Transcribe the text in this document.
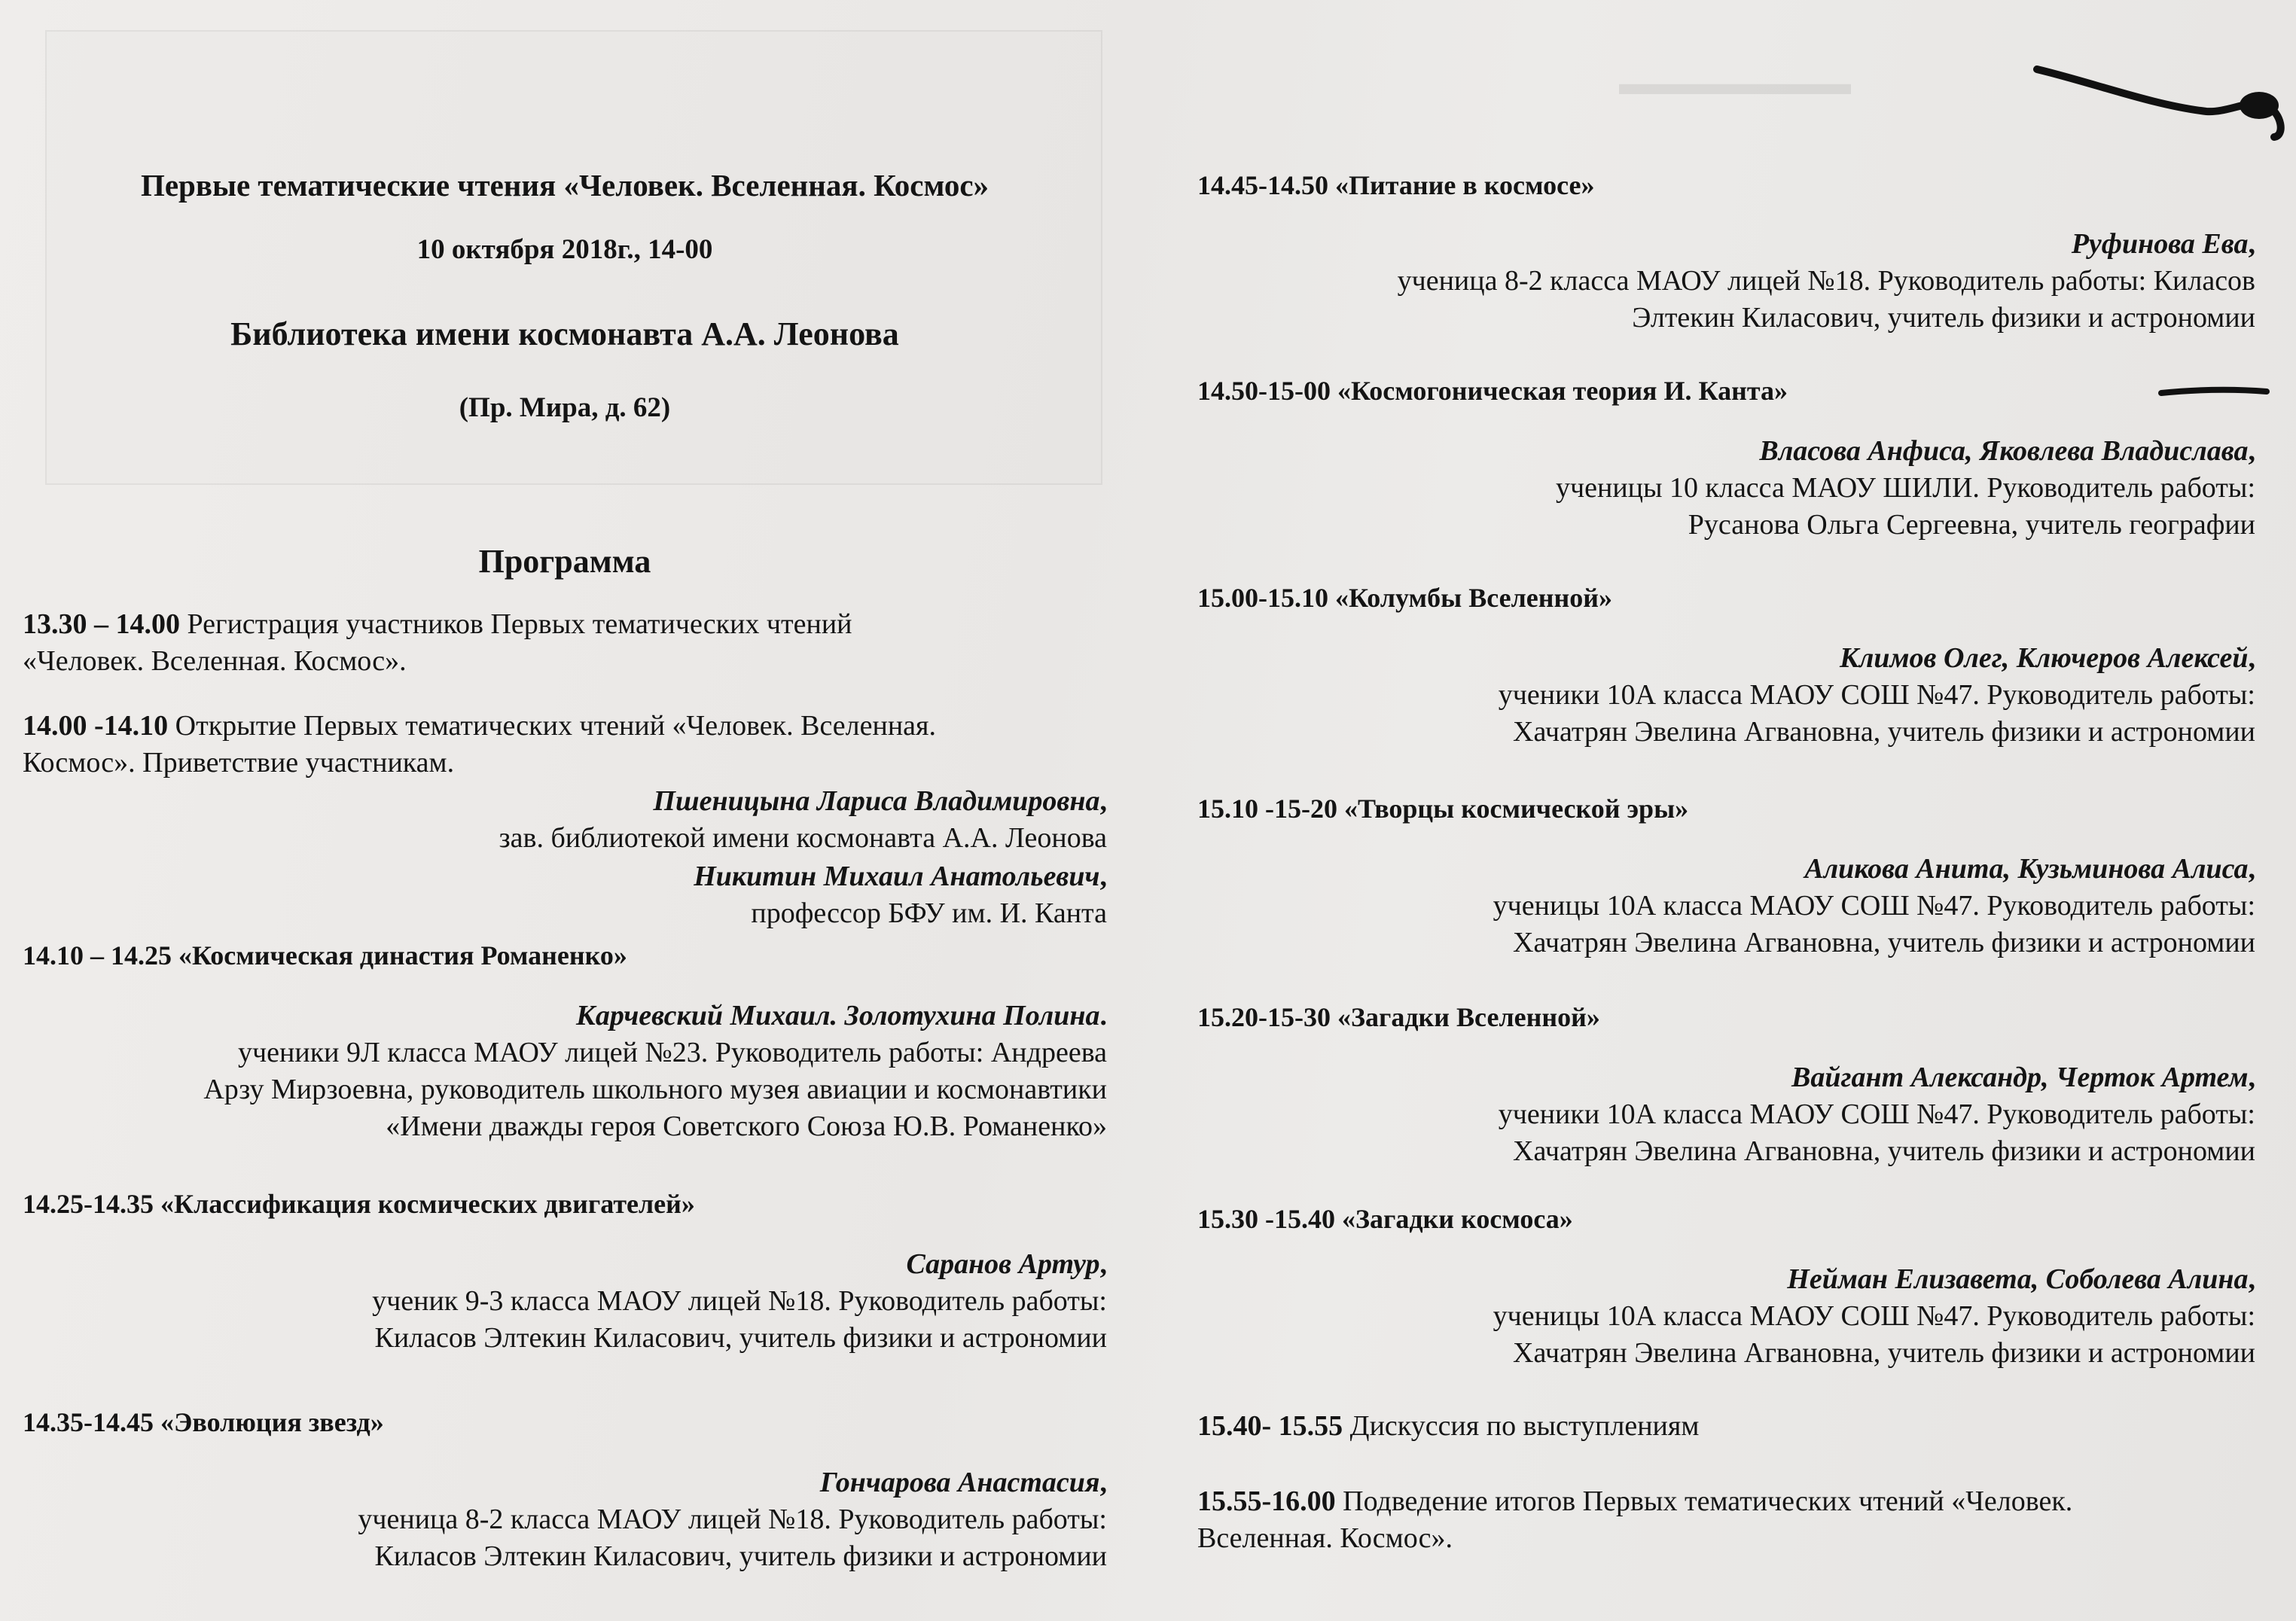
▬▬▬▬▬▬▬
Первые тематические чтения «Человек. Вселенная. Космос»
10 октября 2018г., 14-00
Библиотека имени космонавта А.А. Леонова
(Пр. Мира, д. 62)
Программа
13.30 – 14.00 Регистрация участников Первых тематических чтений
«Человек. Вселенная. Космос».
14.00 -14.10 Открытие Первых тематических чтений «Человек. Вселенная.
Космос». Приветствие участникам.
Пшеницына Лариса Владимировна,
зав. библиотекой имени космонавта А.А. Леонова
Никитин Михаил Анатольевич,
профессор БФУ им. И. Канта
14.10 – 14.25 «Космическая династия Романенко»
Карчевский Михаил. Золотухина Полина.
ученики 9Л класса МАОУ лицей №23. Руководитель работы: Андреева
Арзу Мирзоевна, руководитель школьного музея авиации и космонавтики
«Имени дважды героя Советского Союза Ю.В. Романенко»
14.25-14.35 «Классификация космических двигателей»
Саранов Артур,
ученик 9-3 класса МАОУ лицей №18. Руководитель работы:
Киласов Элтекин Киласович, учитель физики и астрономии
14.35-14.45 «Эволюция звезд»
Гончарова Анастасия,
ученица 8-2 класса МАОУ лицей №18. Руководитель работы:
Киласов Элтекин Киласович, учитель физики и астрономии
14.45-14.50 «Питание в космосе»
Руфинова Ева,
ученица 8-2 класса МАОУ лицей №18. Руководитель работы: Киласов
Элтекин Киласович, учитель физики и астрономии
14.50-15-00 «Космогоническая теория И. Канта»
Власова Анфиса, Яковлева Владислава,
ученицы 10 класса МАОУ ШИЛИ. Руководитель работы:
Русанова Ольга Сергеевна, учитель географии
15.00-15.10 «Колумбы Вселенной»
Климов Олег, Ключеров Алексей,
ученики 10А класса МАОУ СОШ №47. Руководитель работы:
Хачатрян Эвелина Агвановна, учитель физики и астрономии
15.10 -15-20 «Творцы космической эры»
Аликова Анита, Кузьминова Алиса,
ученицы 10А класса МАОУ СОШ №47. Руководитель работы:
Хачатрян Эвелина Агвановна, учитель физики и астрономии
15.20-15-30 «Загадки Вселенной»
Вайгант Александр, Черток Артем,
ученики 10А класса МАОУ СОШ №47. Руководитель работы:
Хачатрян Эвелина Агвановна, учитель физики и астрономии
15.30 -15.40 «Загадки космоса»
Нейман Елизавета, Соболева Алина,
ученицы 10А класса МАОУ СОШ №47. Руководитель работы:
Хачатрян Эвелина Агвановна, учитель физики и астрономии
15.40- 15.55 Дискуссия по выступлениям
15.55-16.00 Подведение итогов Первых тематических чтений «Человек.
Вселенная. Космос».
